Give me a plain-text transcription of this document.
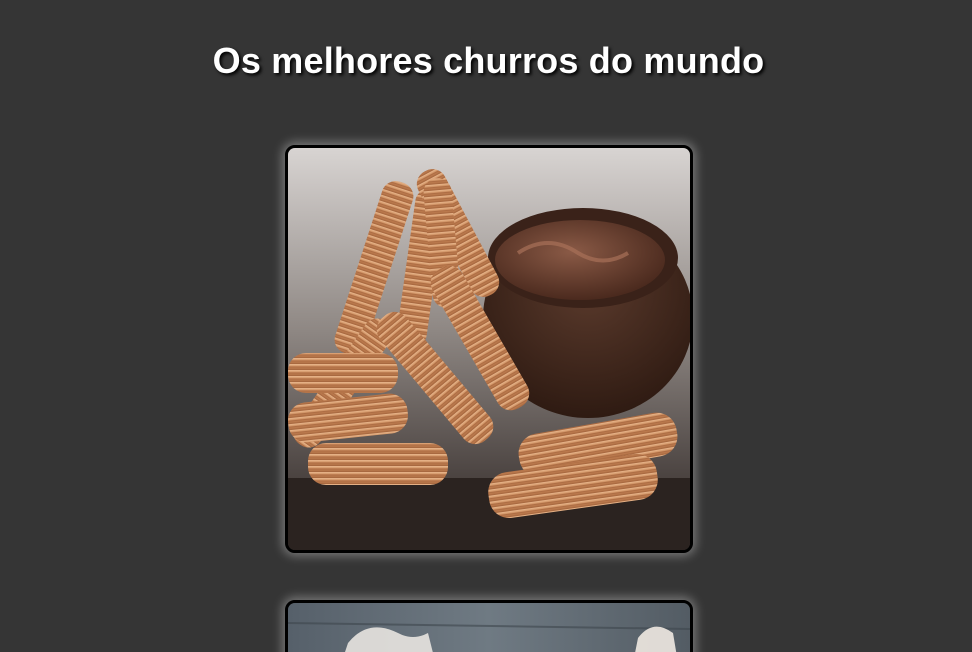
Os melhores churros do mundo
